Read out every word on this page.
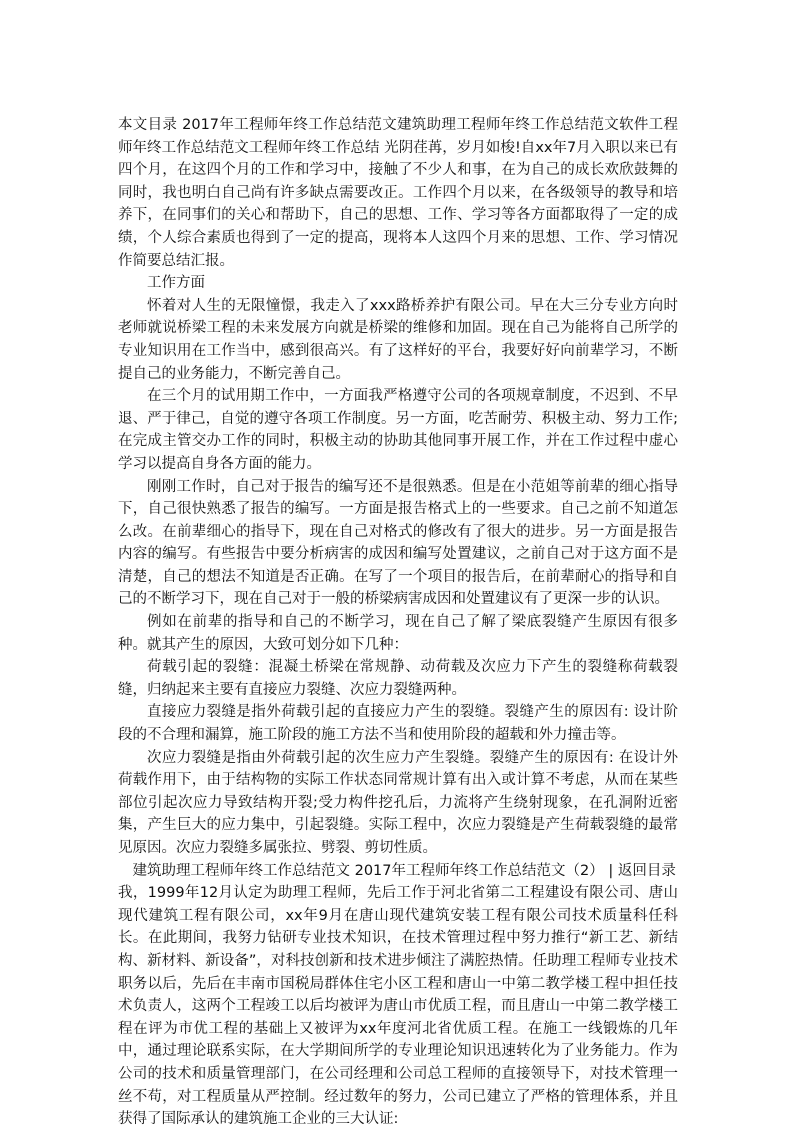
本文目录 2017年工程师年终工作总结范文建筑助理工程师年终工作总结范文软件工程师年终工作总结范文工程师年终工作总结 光阴荏苒，岁月如梭!自xx年7月入职以来已有四个月，在这四个月的工作和学习中，接触了不少人和事，在为自己的成长欢欣鼓舞的同时，我也明白自己尚有许多缺点需要改正。工作四个月以来，在各级领导的教导和培养下，在同事们的关心和帮助下，自己的思想、工作、学习等各方面都取得了一定的成绩，个人综合素质也得到了一定的提高，现将本人这四个月来的思想、工作、学习情况作简要总结汇报。

工作方面

怀着对人生的无限憧憬，我走入了xxx路桥养护有限公司。早在大三分专业方向时老师就说桥梁工程的未来发展方向就是桥梁的维修和加固。现在自己为能将自己所学的专业知识用在工作当中，感到很高兴。有了这样好的平台，我要好好向前辈学习，不断提自己的业务能力，不断完善自己。

在三个月的试用期工作中，一方面我严格遵守公司的各项规章制度，不迟到、不早退、严于律己，自觉的遵守各项工作制度。另一方面，吃苦耐劳、积极主动、努力工作;在完成主管交办工作的同时，积极主动的协助其他同事开展工作，并在工作过程中虚心学习以提高自身各方面的能力。

刚刚工作时，自己对于报告的编写还不是很熟悉。但是在小范姐等前辈的细心指导下，自己很快熟悉了报告的编写。一方面是报告格式上的一些要求。自己之前不知道怎么改。在前辈细心的指导下，现在自己对格式的修改有了很大的进步。另一方面是报告内容的编写。有些报告中要分析病害的成因和编写处置建议，之前自己对于这方面不是清楚，自己的想法不知道是否正确。在写了一个项目的报告后，在前辈耐心的指导和自己的不断学习下，现在自己对于一般的桥梁病害成因和处置建议有了更深一步的认识。

例如在前辈的指导和自己的不断学习，现在自己了解了梁底裂缝产生原因有很多种。就其产生的原因，大致可划分如下几种：

荷载引起的裂缝：混凝土桥梁在常规静、动荷载及次应力下产生的裂缝称荷载裂缝，归纳起来主要有直接应力裂缝、次应力裂缝两种。

直接应力裂缝是指外荷载引起的直接应力产生的裂缝。裂缝产生的原因有: 设计阶段的不合理和漏算，施工阶段的施工方法不当和使用阶段的超载和外力撞击等。

次应力裂缝是指由外荷载引起的次生应力产生裂缝。裂缝产生的原因有: 在设计外荷载作用下，由于结构物的实际工作状态同常规计算有出入或计算不考虑，从而在某些部位引起次应力导致结构开裂;受力构件挖孔后，力流将产生绕射现象，在孔洞附近密集，产生巨大的应力集中，引起裂缝。实际工程中，次应力裂缝是产生荷载裂缝的最常见原因。次应力裂缝多属张拉、劈裂、剪切性质。

建筑助理工程师年终工作总结范文 2017年工程师年终工作总结范文（2） | 返回目录

我，1999年12月认定为助理工程师，先后工作于河北省第二工程建设有限公司、唐山现代建筑工程有限公司，xx年9月在唐山现代建筑安装工程有限公司技术质量科任科长。在此期间，我努力钻研专业技术知识，在技术管理过程中努力推行“新工艺、新结构、新材料、新设备”，对科技创新和技术进步倾注了满腔热情。任助理工程师专业技术职务以后，先后在丰南市国税局群体住宅小区工程和唐山一中第二教学楼工程中担任技术负责人，这两个工程竣工以后均被评为唐山市优质工程，而且唐山一中第二教学楼工程在评为市优工程的基础上又被评为xx年度河北省优质工程。在施工一线锻炼的几年中，通过理论联系实际，在大学期间所学的专业理论知识迅速转化为了业务能力。作为公司的技术和质量管理部门，在公司经理和公司总工程师的直接领导下，对技术管理一丝不苟，对工程质量从严控制。经过数年的努力，公司已建立了严格的管理体系，并且获得了国际承认的建筑施工企业的三大认证:
